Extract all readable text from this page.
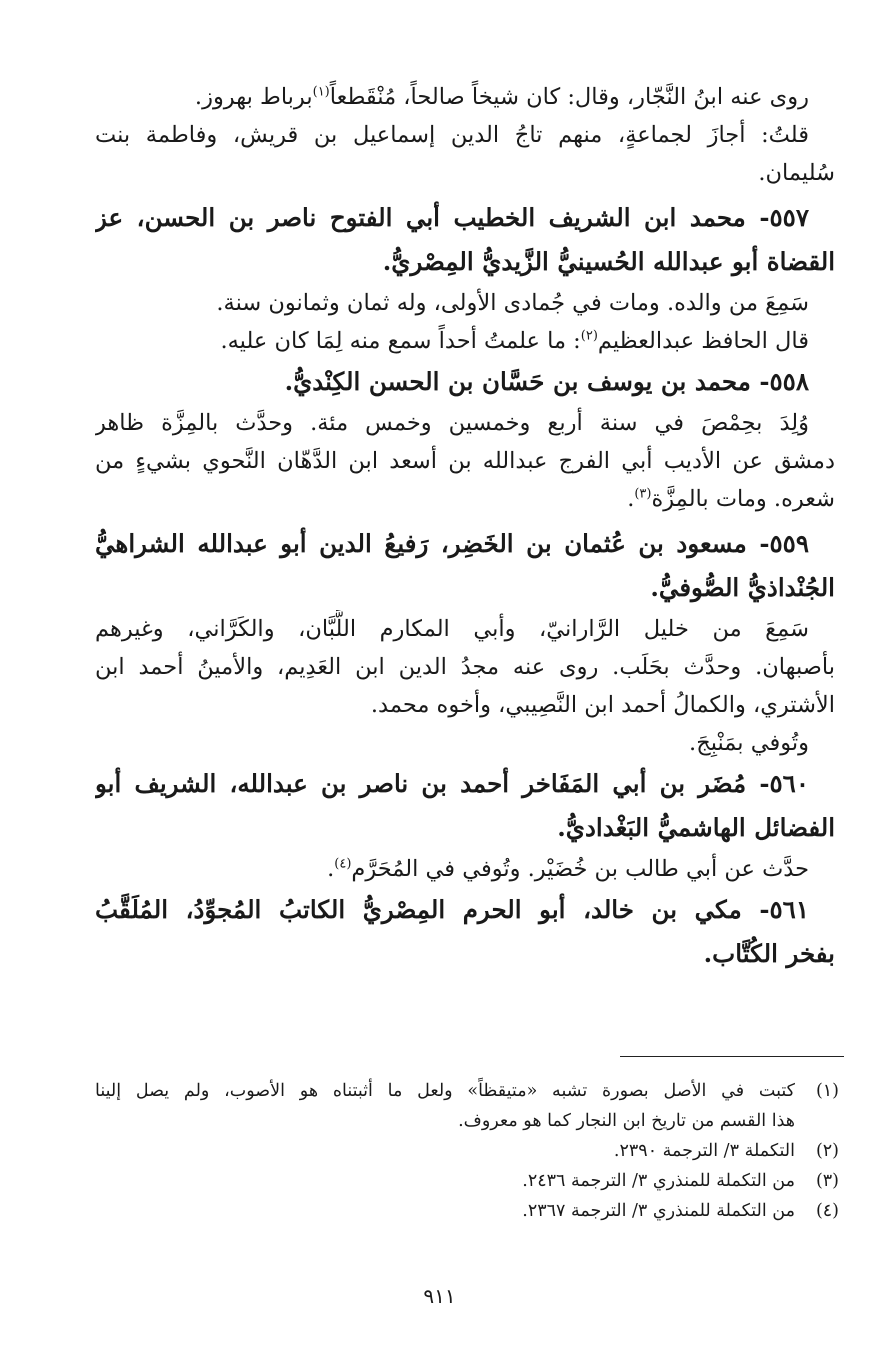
روى عنه ابنُ النَّجّار، وقال: كان شيخاً صالحاً، مُنْقَطعاً$^{(١)}$برباط بهروز.
قلتُ: أجازَ لجماعةٍ، منهم تاجُ الدين إسماعيل بن قريش، وفاطمة بنت
سُليمان.
٥٥٧- محمد ابن الشريف الخطيب أبي الفتوح ناصر بن الحسن، عز
القضاة أبو عبدالله الحُسينيُّ الزَّيديُّ المِصْريُّ.
سَمِعَ من والده. ومات في جُمادى الأولى، وله ثمان وثمانون سنة.
قال الحافظ عبدالعظيم$^{(٢)}$: ما علمتُ أحداً سمع منه لِمَا كان عليه.
٥٥٨- محمد بن يوسف بن حَسَّان بن الحسن الكِنْديُّ.
وُلِدَ بحِمْصَ في سنة أربع وخمسين وخمس مئة. وحدَّث بالمِزَّة ظاهر
دمشق عن الأديب أبي الفرج عبدالله بن أسعد ابن الدَّهّان النَّحوي بشيءٍ من
شعره. ومات بالمِزَّة$^{(٣)}$.
٥٥٩- مسعود بن عُثمان بن الخَضِر، رَفيعُ الدين أبو عبدالله الشراهيُّ
الجُنْداذيُّ الصُّوفيُّ.
سَمِعَ من خليل الرَّارانيّ، وأبي المكارم اللَّبَّان، والكَرَّاني، وغيرهم
بأصبهان. وحدَّث بحَلَب. روى عنه مجدُ الدين ابن العَدِيم، والأمينُ أحمد ابن
الأشتري، والكمالُ أحمد ابن النَّصِيبي، وأخوه محمد.
وتُوفي بمَنْبِجَ.
٥٦٠- مُضَر بن أبي المَفَاخر أحمد بن ناصر بن عبدالله، الشريف أبو
الفضائل الهاشميُّ البَغْداديُّ.
حدَّث عن أبي طالب بن خُضَيْر. وتُوفي في المُحَرَّم$^{(٤)}$.
٥٦١- مكي بن خالد، أبو الحرم المِصْريُّ الكاتبُ المُجوِّدُ، المُلَقَّبُ
بفخر الكُتَّاب.
(١)
كتبت في الأصل بصورة تشبه «متيقظاً» ولعل ما أثبتناه هو الأصوب، ولم يصل إلينا
هذا القسم من تاريخ ابن النجار كما هو معروف.
(٢)
التكملة ٣/ الترجمة ٢٣٩٠.
(٣)
من التكملة للمنذري ٣/ الترجمة ٢٤٣٦.
(٤)
من التكملة للمنذري ٣/ الترجمة ٢٣٦٧.
٩١١
